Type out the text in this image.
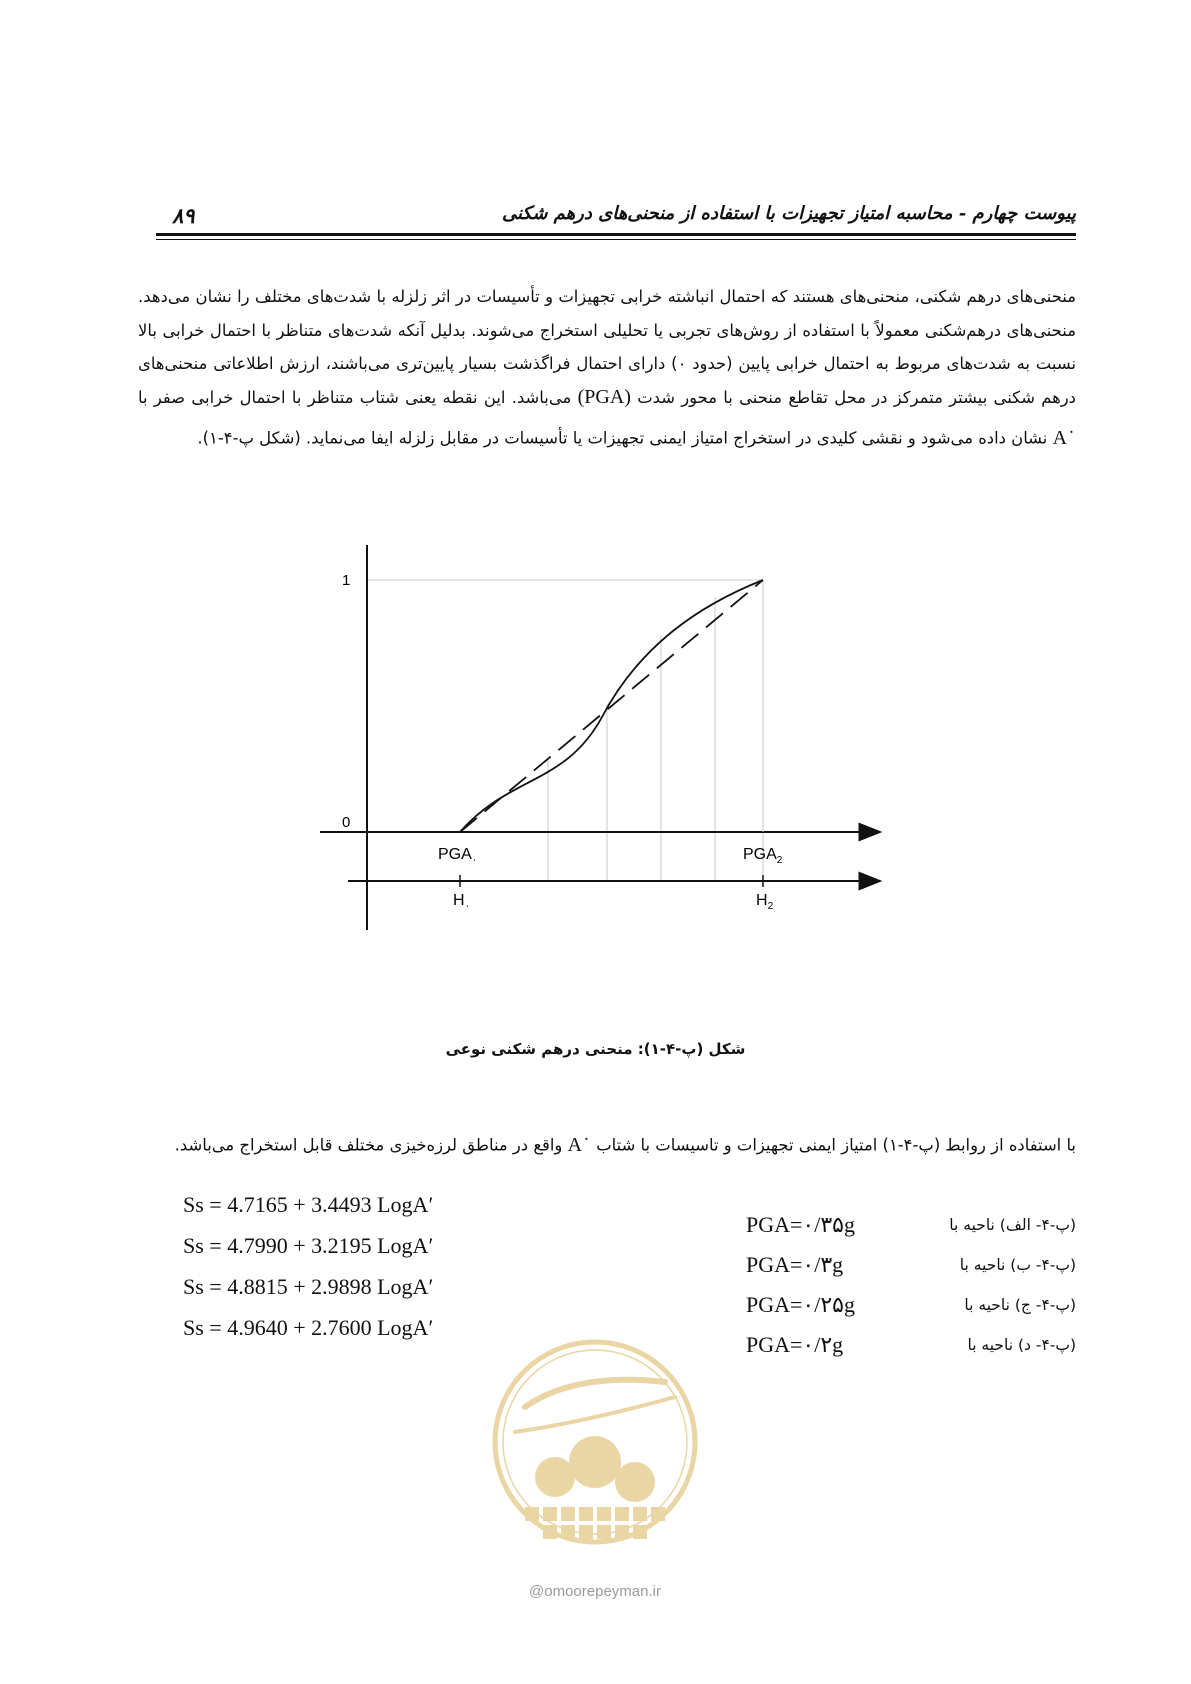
۸۹	پیوست چهارم - محاسبه امتیاز تجهیزات با استفاده از منحنی‌های درهم شکنی

منحنی‌های درهم شکنی، منحنی‌های هستند که احتمال انباشته خرابی تجهیزات و تأسیسات در اثر زلزله با شدت‌های مختلف را نشان می‌دهد. منحنی‌های درهم‌شکنی معمولاً با استفاده از روش‌های تجربی یا تحلیلی استخراج می‌شوند. بدلیل آنکه شدت‌های متناظر با احتمال خرابی بالا نسبت به شدت‌های مربوط به احتمال خرابی پایین (حدود ۰) دارای احتمال فراگذشت بسیار پایین‌تری می‌باشند، ارزش اطلاعاتی منحنی‌های درهم شکنی بیشتر متمرکز در محل تقاطع منحنی با محور شدت (PGA) می‌باشد. این نقطه یعنی شتاب متناظر با احتمال خرابی صفر با $A^۰$ نشان داده می‌شود و نقشی کلیدی در استخراج امتیاز ایمنی تجهیزات یا تأسیسات در مقابل زلزله ایفا می‌نماید. (شکل پ-۴-۱).

1
0
$PGA_۰$	$PGA_2$
$H_۰$	$H_2$
شکل (پ-۴-۱): منحنی درهم شکنی نوعی
با استفاده از روابط (پ-۴-۱) امتیاز ایمنی تجهیزات و تاسیسات با شتاب $A^۰$ واقع در مناطق لرزه‌خیزی مختلف قابل استخراج می‌باشد.
(پ-۴- الف) ناحیه با
PGA=۰/۳۵g
(پ-۴- ب) ناحیه با
PGA=۰/۳g
(پ-۴- ج) ناحیه با
PGA=۰/۲۵g
(پ-۴- د) ناحیه با
PGA=۰/۲g
Ss = 4.7165 + 3.4493 LogA′
Ss = 4.7990 + 3.2195 LogA′
Ss = 4.8815 + 2.9898 LogA′
Ss = 4.9640 + 2.7600 LogA′
@omoorepeyman.ir
